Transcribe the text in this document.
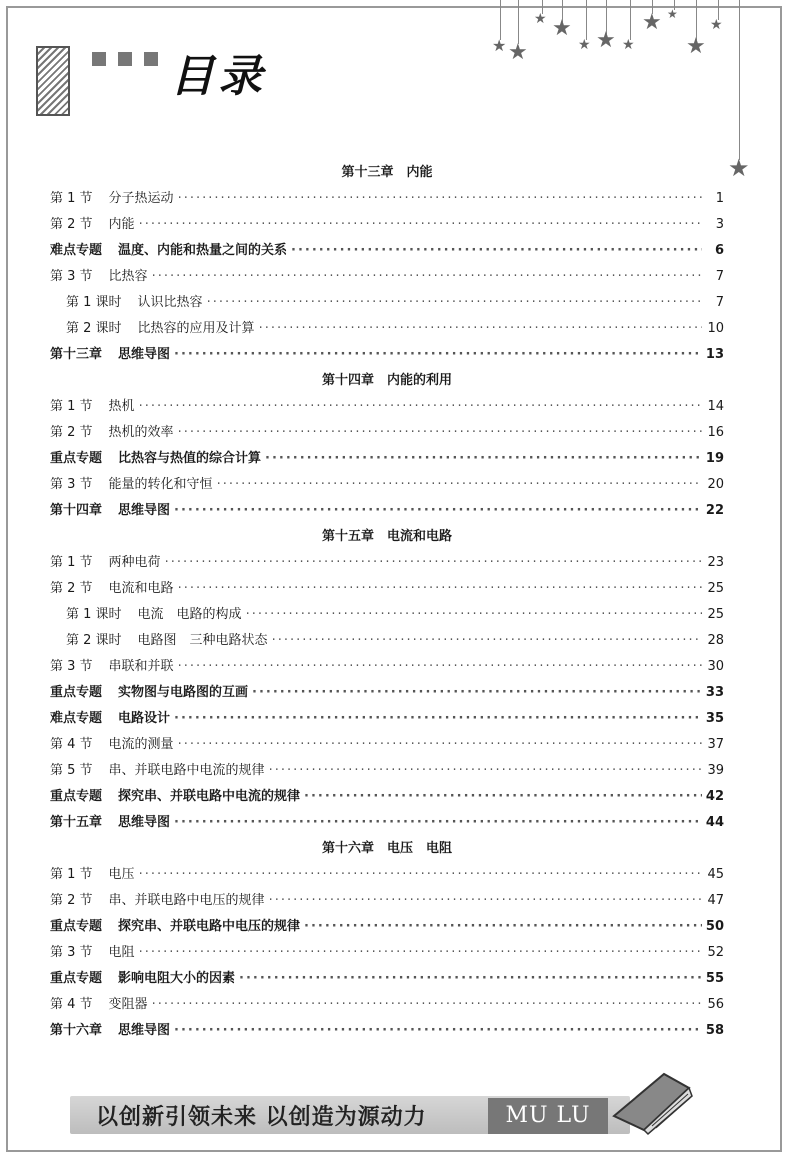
目录
★ ★
★ ★
★ ★ ★
★ ★
★
★
★
第十三章　内能
第 1 节 分子热运动 ·····	1
第 2 节 内能 ·····	3
难点专题 温度、内能和热量之间的关系 ·····	6
第 3 节 比热容 ·····	7
第 1 课时 认识比热容 ·····	7
第 2 课时 比热容的应用及计算 ·····	10
第十三章 思维导图 ·····	13
第十四章　内能的利用
第 1 节 热机 ·····	14
第 2 节 热机的效率 ·····	16
重点专题 比热容与热值的综合计算 ·····	19
第 3 节 能量的转化和守恒 ·····	20
第十四章 思维导图 ·····	22
第十五章　电流和电路
第 1 节 两种电荷 ·····	23
第 2 节 电流和电路 ·····	25
第 1 课时 电流　电路的构成 ·····	25
第 2 课时 电路图　三种电路状态 ·····	28
第 3 节 串联和并联 ·····	30
重点专题 实物图与电路图的互画 ·····	33
难点专题 电路设计 ·····	35
第 4 节 电流的测量 ·····	37
第 5 节 串、并联电路中电流的规律 ·····	39
重点专题 探究串、并联电路中电流的规律 ·····	42
第十五章 思维导图 ·····	44
第十六章　电压　电阻
第 1 节 电压 ·····	45
第 2 节 串、并联电路中电压的规律 ·····	47
重点专题 探究串、并联电路中电压的规律 ·····	50
第 3 节 电阻 ·····	52
重点专题 影响电阻大小的因素 ·····	55
第 4 节 变阻器 ·····	56
第十六章 思维导图 ·····	58
以创新引领未来 以创造为源动力	MU LU
